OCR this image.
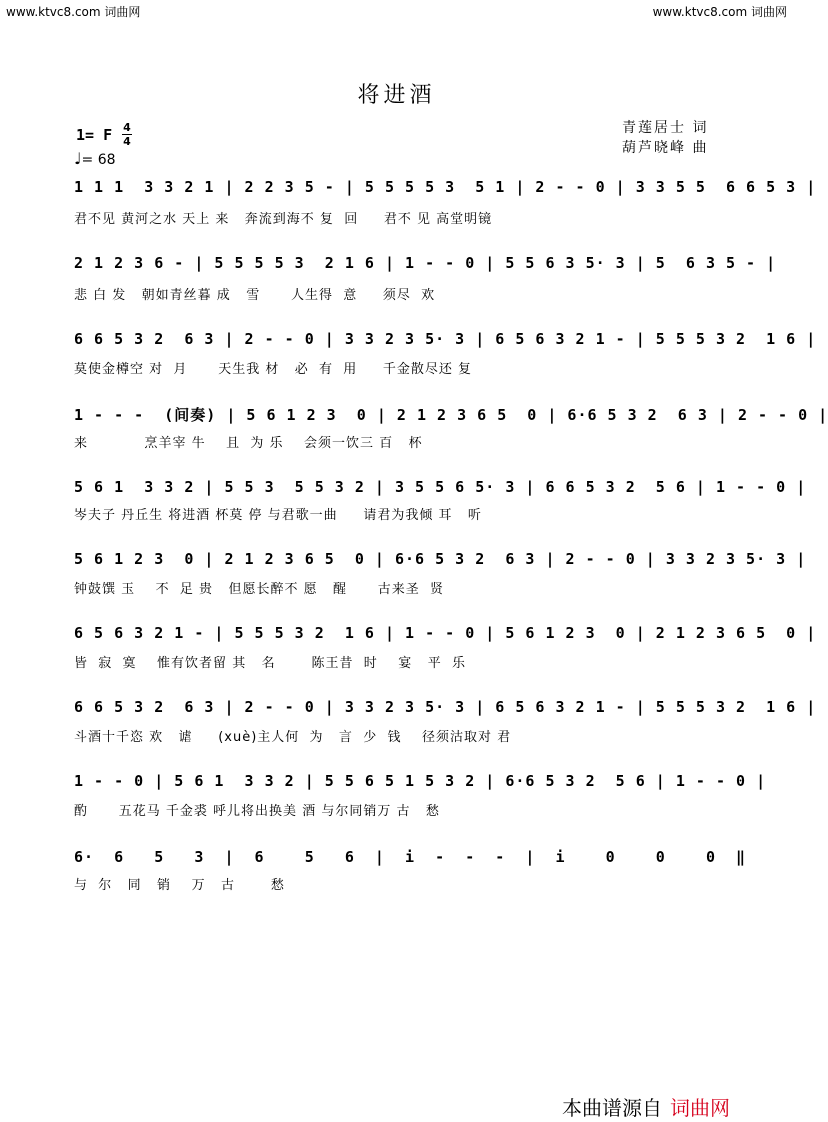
www.ktvc8.com 词曲网	www.ktvc8.com 词曲网
将进酒
青莲居士 词
葫芦晓峰 曲
1= F 4
4
♩= 68
1 1 1  3 3 2 1 | 2 2 3 5 - | 5 5 5 5 3  5 1 | 2 - - 0 | 3 3 5 5  6 6 5 3 |
君不见 黄河之水 天上 来   奔流到海不 复  回     君不 见 高堂明镜
2 1 2 3 6 - | 5 5 5 5 3  2 1 6 | 1 - - 0 | 5 5 6 3 5· 3 | 5  6 3 5 - |
悲 白 发   朝如青丝暮 成   雪      人生得  意     须尽  欢
6 6 5 3 2  6 3 | 2 - - 0 | 3 3 2 3 5· 3 | 6 5 6 3 2 1 - | 5 5 5 3 2  1 6 |
莫使金樽空 对  月      天生我 材   必  有  用     千金散尽还 复
1 - - -  (间奏) | 5 6 1 2 3  0 | 2 1 2 3 6 5  0 | 6·6 5 3 2  6 3 | 2 - - 0 |
来           烹羊宰 牛    且  为 乐    会须一饮三 百   杯
5 6 1  3 3 2 | 5 5 3  5 5 3 2 | 3 5 5 6 5· 3 | 6 6 5 3 2  5 6 | 1 - - 0 |
岑夫子 丹丘生 将进酒 杯莫 停 与君歌一曲     请君为我倾 耳   听
5 6 1 2 3  0 | 2 1 2 3 6 5  0 | 6·6 5 3 2  6 3 | 2 - - 0 | 3 3 2 3 5· 3 |
钟鼓馔 玉    不  足 贵   但愿长醉不 愿   醒      古来圣  贤
6 5 6 3 2 1 - | 5 5 5 3 2  1 6 | 1 - - 0 | 5 6 1 2 3  0 | 2 1 2 3 6 5  0 |
皆  寂  寞    惟有饮者留 其   名       陈王昔  时    宴   平  乐
6 6 5 3 2  6 3 | 2 - - 0 | 3 3 2 3 5· 3 | 6 5 6 3 2 1 - | 5 5 5 3 2  1 6 |
斗酒十千恣 欢   谑     (xuè)主人何  为   言  少  钱    径须沽取对 君
1 - - 0 | 5 6 1  3 3 2 | 5 5 6 5 1 5 3 2 | 6·6 5 3 2  5 6 | 1 - - 0 |
酌      五花马 千金裘 呼儿将出换美 酒 与尔同销万 古   愁
6·  6   5   3  |  6    5   6  |  i  -  -  -  |  i    0    0    0  ‖
与  尔   同   销    万   古       愁
本曲谱源自 词曲网
